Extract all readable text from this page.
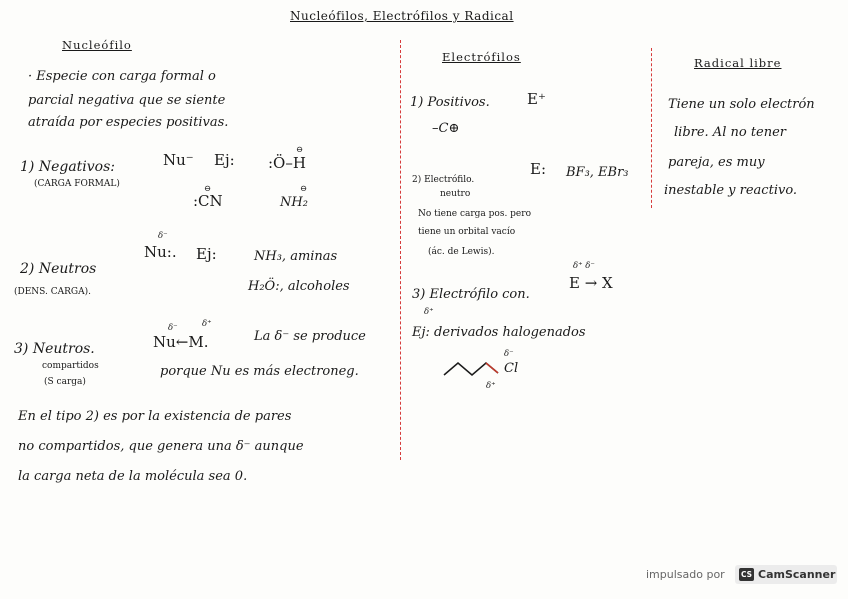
Nucleófilos, Electrófilos y Radical
Nucleófilo
· Especie con carga formal o
parcial negativa que se siente
atraída por especies positivas.
1) Negativos:
(CARGA FORMAL)
Nu⁻ Ej:
⊖
:Ö–H
⊖
:CN
⊖
NH₂
2) Neutros
(DENS. CARGA).
δ⁻
Nu:. Ej:	NH₃, aminas
H₂Ö:, alcoholes
3) Neutros.
compartidos
(S carga)
δ⁻	δ⁺
Nu←M.	La δ⁻ se produce
porque Nu es más electroneg.
En el tipo 2) es por la existencia de pares
no compartidos, que genera una δ⁻ aunque
la carga neta de la molécula sea 0.
Electrófilos
1) Positivos. E⁺
–C⊕
2) Electrófilo.
neutro
E: BF₃, EBr₃
No tiene carga pos. pero
tiene un orbital vacío
(ác. de Lewis).
δ⁺ δ⁻
3) Electrófilo con.
E → X
δ⁺
Ej: derivados halogenados
δ⁻
Cl
δ⁺
Radical libre
Tiene un solo electrón
libre. Al no tener
pareja, es muy
inestable y reactivo.
impulsado por CS CamScanner
